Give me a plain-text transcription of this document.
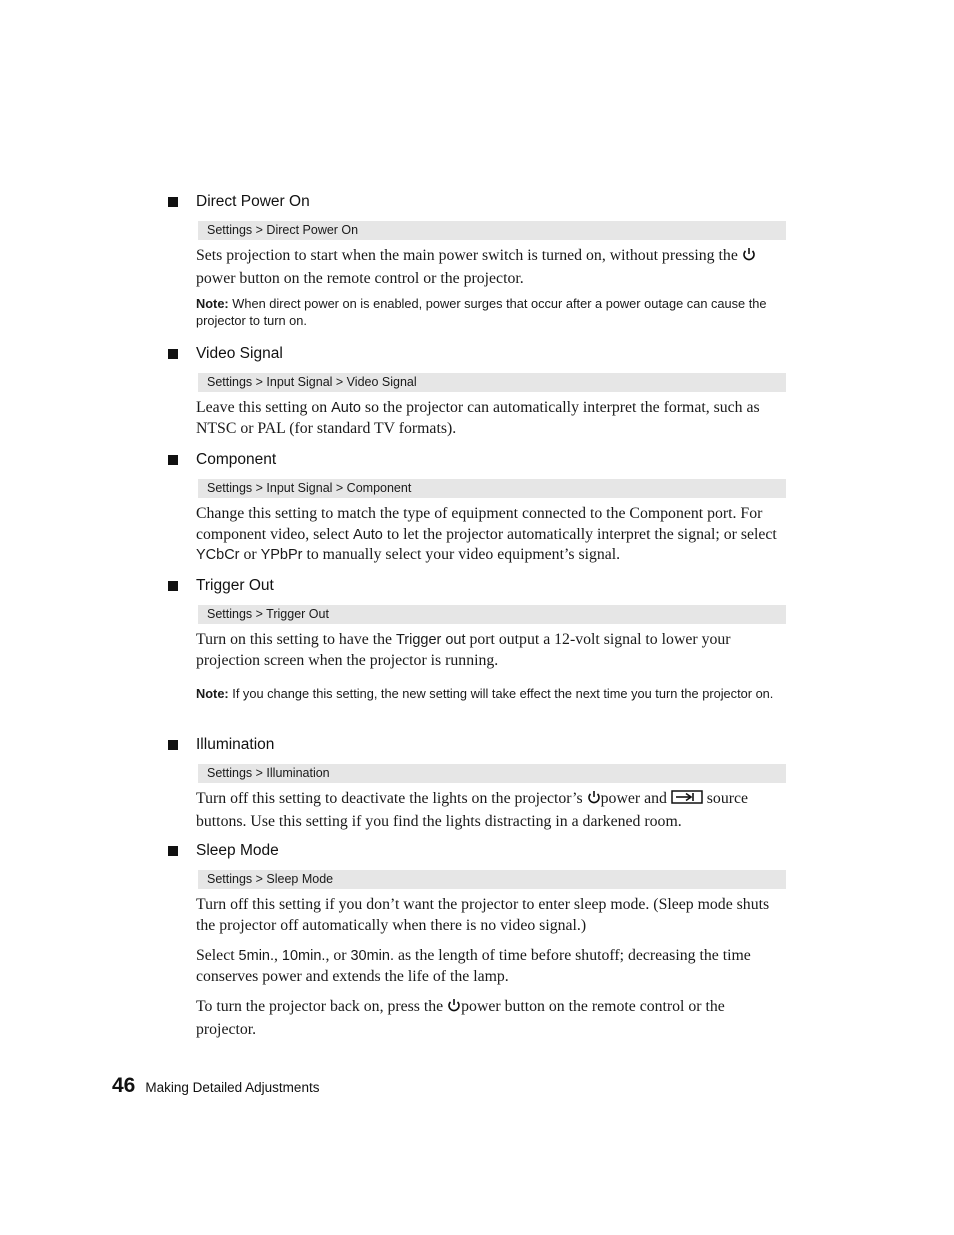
Direct Power On
Settings > Direct Power On
Sets projection to start when the main power switch is turned on, without pressing the  power button on the remote control or the projector.
Note: When direct power on is enabled, power surges that occur after a power outage can cause the projector to turn on.
Video Signal
Settings > Input Signal > Video Signal
Leave this setting on Auto so the projector can automatically interpret the format, such as NTSC or PAL (for standard TV formats).
Component
Settings > Input Signal > Component
Change this setting to match the type of equipment connected to the Component port. For component video, select Auto to let the projector automatically interpret the signal; or select YCbCr or YPbPr to manually select your video equipment’s signal.
Trigger Out
Settings > Trigger Out
Turn on this setting to have the Trigger out port output a 12-volt signal to lower your projection screen when the projector is running.
Note: If you change this setting, the new setting will take effect the next time you turn the projector on.
Illumination
Settings > Illumination
Turn off this setting to deactivate the lights on the projector’s power and	source buttons. Use this setting if you find the lights distracting in a darkened room.
Sleep Mode
Settings > Sleep Mode
Turn off this setting if you don’t want the projector to enter sleep mode. (Sleep mode shuts the projector off automatically when there is no video signal.)
Select 5min., 10min., or 30min. as the length of time before shutoff; decreasing the time conserves power and extends the life of the lamp.
To turn the projector back on, press the power button on the remote control or the projector.
46 Making Detailed Adjustments
